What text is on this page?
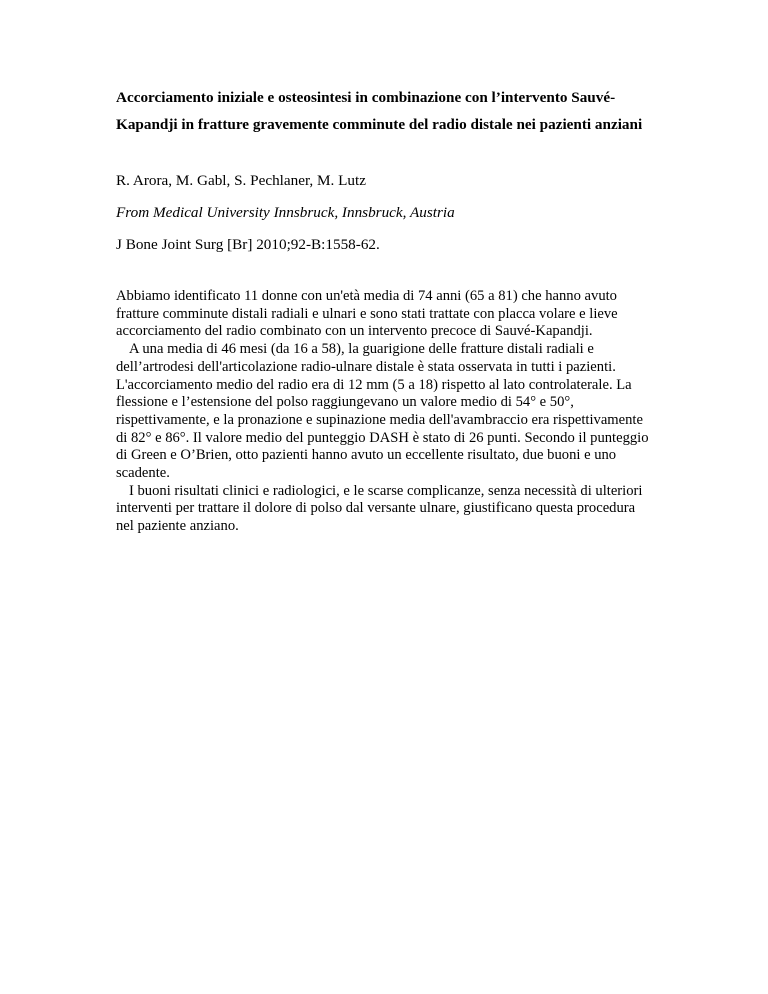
Accorciamento iniziale e osteosintesi in combinazione con l’intervento Sauvé-Kapandji in fratture gravemente comminute del radio distale nei pazienti anziani

R. Arora, M. Gabl, S. Pechlaner, M. Lutz

From Medical University Innsbruck, Innsbruck, Austria

J Bone Joint Surg [Br] 2010;92-B:1558-62.

Abbiamo identificato 11 donne con un'età media di 74 anni (65 a 81) che hanno avuto fratture comminute distali radiali e ulnari e sono stati trattate con placca volare e lieve accorciamento del radio combinato con un intervento precoce di Sauvé-Kapandji.

A una media di 46 mesi (da 16 a 58), la guarigione delle fratture distali radiali e dell’artrodesi dell'articolazione radio-ulnare distale è stata osservata in tutti i pazienti. L'accorciamento medio del radio era di 12 mm (5 a 18) rispetto al lato controlaterale. La flessione e l’estensione del polso raggiungevano un valore medio di 54° e 50°, rispettivamente, e la pronazione e supinazione media dell'avambraccio era rispettivamente di 82° e 86°. Il valore medio del punteggio DASH è stato di 26 punti. Secondo il punteggio di Green e O’Brien, otto pazienti hanno avuto un eccellente risultato, due buoni e uno scadente.

I buoni risultati clinici e radiologici, e le scarse complicanze, senza necessità di ulteriori interventi per trattare il dolore di polso dal versante ulnare, giustificano questa procedura nel paziente anziano.
